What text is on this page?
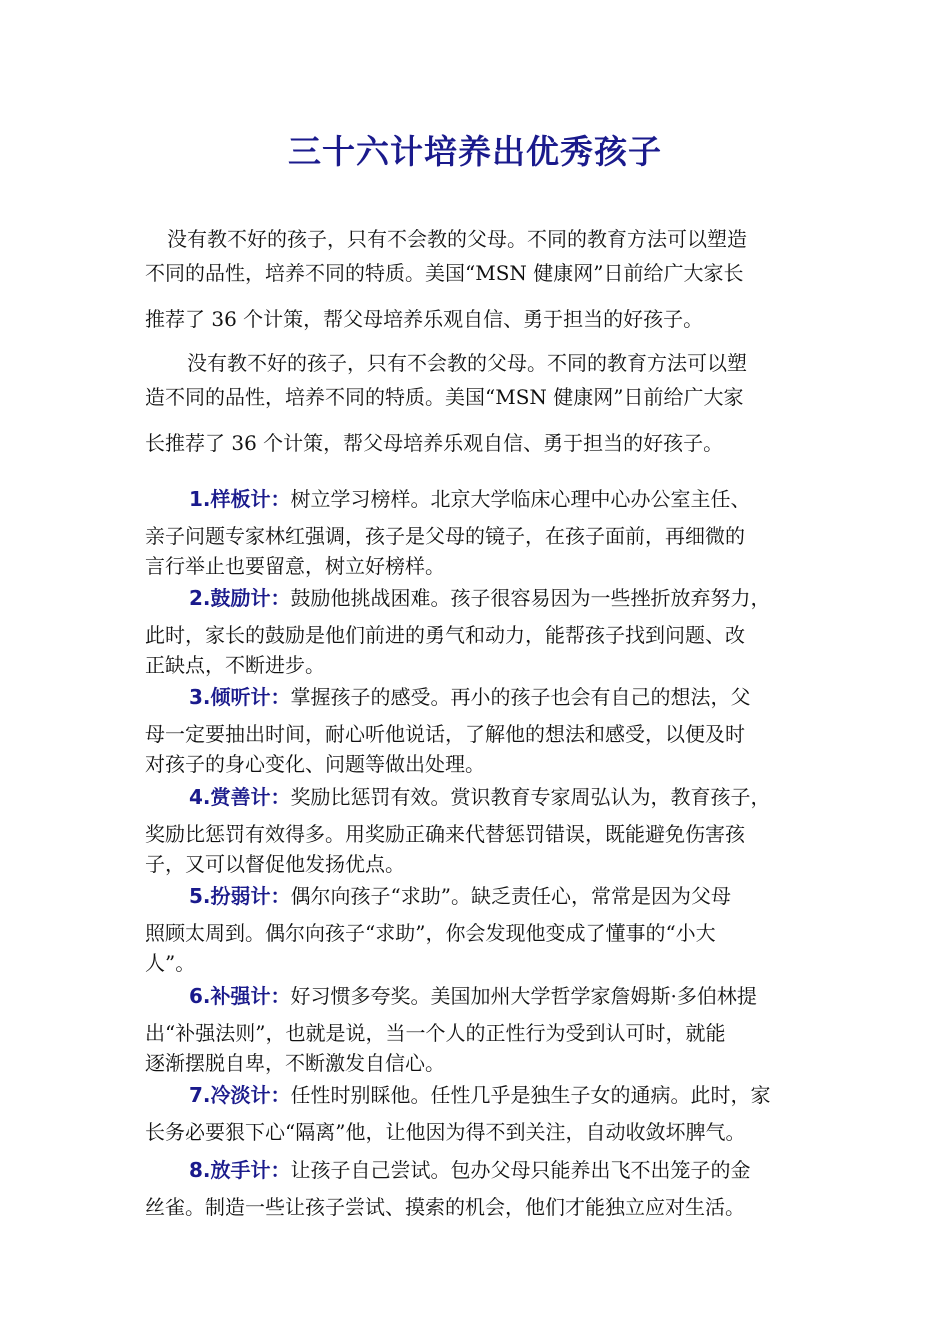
三十六计培养出优秀孩子
没有教不好的孩子，只有不会教的父母。不同的教育方法可以塑造
不同的品性，培养不同的特质。美国“MSN 健康网”日前给广大家长
推荐了 36 个计策，帮父母培养乐观自信、勇于担当的好孩子。
没有教不好的孩子，只有不会教的父母。不同的教育方法可以塑
造不同的品性，培养不同的特质。美国“MSN 健康网”日前给广大家
长推荐了 36 个计策，帮父母培养乐观自信、勇于担当的好孩子。
1.样板计：树立学习榜样。北京大学临床心理中心办公室主任、
亲子问题专家林红强调，孩子是父母的镜子，在孩子面前，再细微的
言行举止也要留意，树立好榜样。
2.鼓励计：鼓励他挑战困难。孩子很容易因为一些挫折放弃努力，
此时，家长的鼓励是他们前进的勇气和动力，能帮孩子找到问题、改
正缺点，不断进步。
3.倾听计：掌握孩子的感受。再小的孩子也会有自己的想法，父
母一定要抽出时间，耐心听他说话，了解他的想法和感受，以便及时
对孩子的身心变化、问题等做出处理。
4.赏善计：奖励比惩罚有效。赏识教育专家周弘认为，教育孩子，
奖励比惩罚有效得多。用奖励正确来代替惩罚错误，既能避免伤害孩
子，又可以督促他发扬优点。
5.扮弱计：偶尔向孩子“求助”。缺乏责任心，常常是因为父母
照顾太周到。偶尔向孩子“求助”，你会发现他变成了懂事的“小大
人”。
6.补强计：好习惯多夸奖。美国加州大学哲学家詹姆斯·多伯林提
出“补强法则”，也就是说，当一个人的正性行为受到认可时，就能
逐渐摆脱自卑，不断激发自信心。
7.冷淡计：任性时别睬他。任性几乎是独生子女的通病。此时，家
长务必要狠下心“隔离”他，让他因为得不到关注，自动收敛坏脾气。
8.放手计：让孩子自己尝试。包办父母只能养出飞不出笼子的金
丝雀。制造一些让孩子尝试、摸索的机会，他们才能独立应对生活。
